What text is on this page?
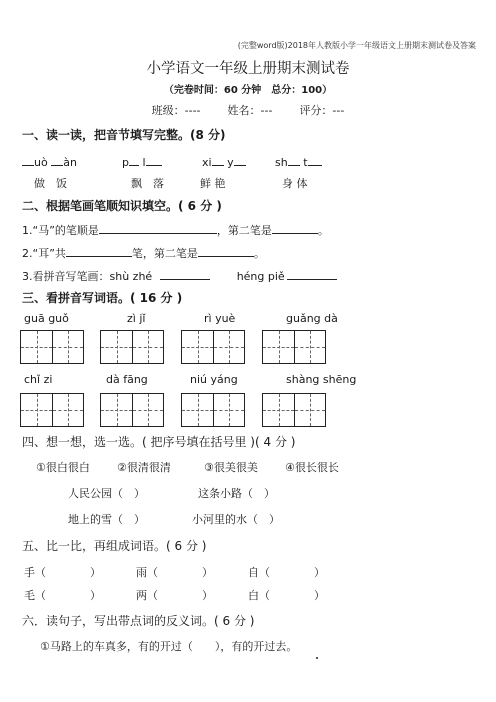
(完整word版)2018年人教版小学一年级语文上册期末测试卷及答案
小学语文一年级上册期末测试卷
（完卷时间：60 分钟　总分：100）
班级：---- 姓名：--- 评分：---
一、读一读，把音节填写完整。(8 分)
uò àn	p l	xi y	sh t
做　饭	飘　落	鲜 艳	身 体
二、根据笔画笔顺知识填空。( 6 分 )
1.“马”的笔顺是	，第二笔是	。
2.“耳”共	笔，第二笔是	。
3.看拼音写笔画：shù zhé	héng piě
三、看拼音写词语。( 16 分 )
guā guǒ	zì jǐ	rì yuè	guǎng dà
chǐ zi	dà fāng	niú yáng	shàng shēng
四、想一想，选一选。( 把序号填在括号里 )( 4 分 )
①很白很白 ②很清很清	③很美很美 ④很长很长
人民公园（　）	这条小路（　）
地上的雪（　）	小河里的水（　）
五、比一比，再组成词语。( 6 分 )
手（　　　　）	雨（　　　　）	自（　　　　）
毛（　　　　）	两（　　　　）	白（　　　　）
六．读句子，写出带点词的反义词。( 6 分 )
①马路上的车真多，有的开过（　　），有的开过去。
